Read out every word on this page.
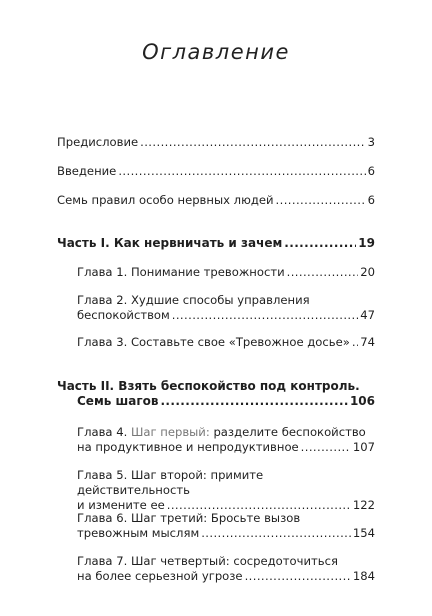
Оглавление
Предисловие .....	3
Введение .....	6
Семь правил особо нервных людей .....	6
Часть I. Как нервничать и зачем .....	19
Глава 1. Понимание тревожности .....	20
Глава 2. Худшие способы управления
беспокойством .....	47
Глава 3. Составьте свое «Тревожное досье» ..... 74
Часть II. Взять беспокойство под контроль.
Семь шагов .....	106
Глава 4. Шаг первый: разделите беспокойство
на продуктивное и непродуктивное .....	107
Глава 5. Шаг второй: примите действительность
и измените ее .....	122
Глава 6. Шаг третий: Бросьте вызов
тревожным мыслям .....	154
Глава 7. Шаг четвертый: сосредоточиться
на более серьезной угрозе .....	184
